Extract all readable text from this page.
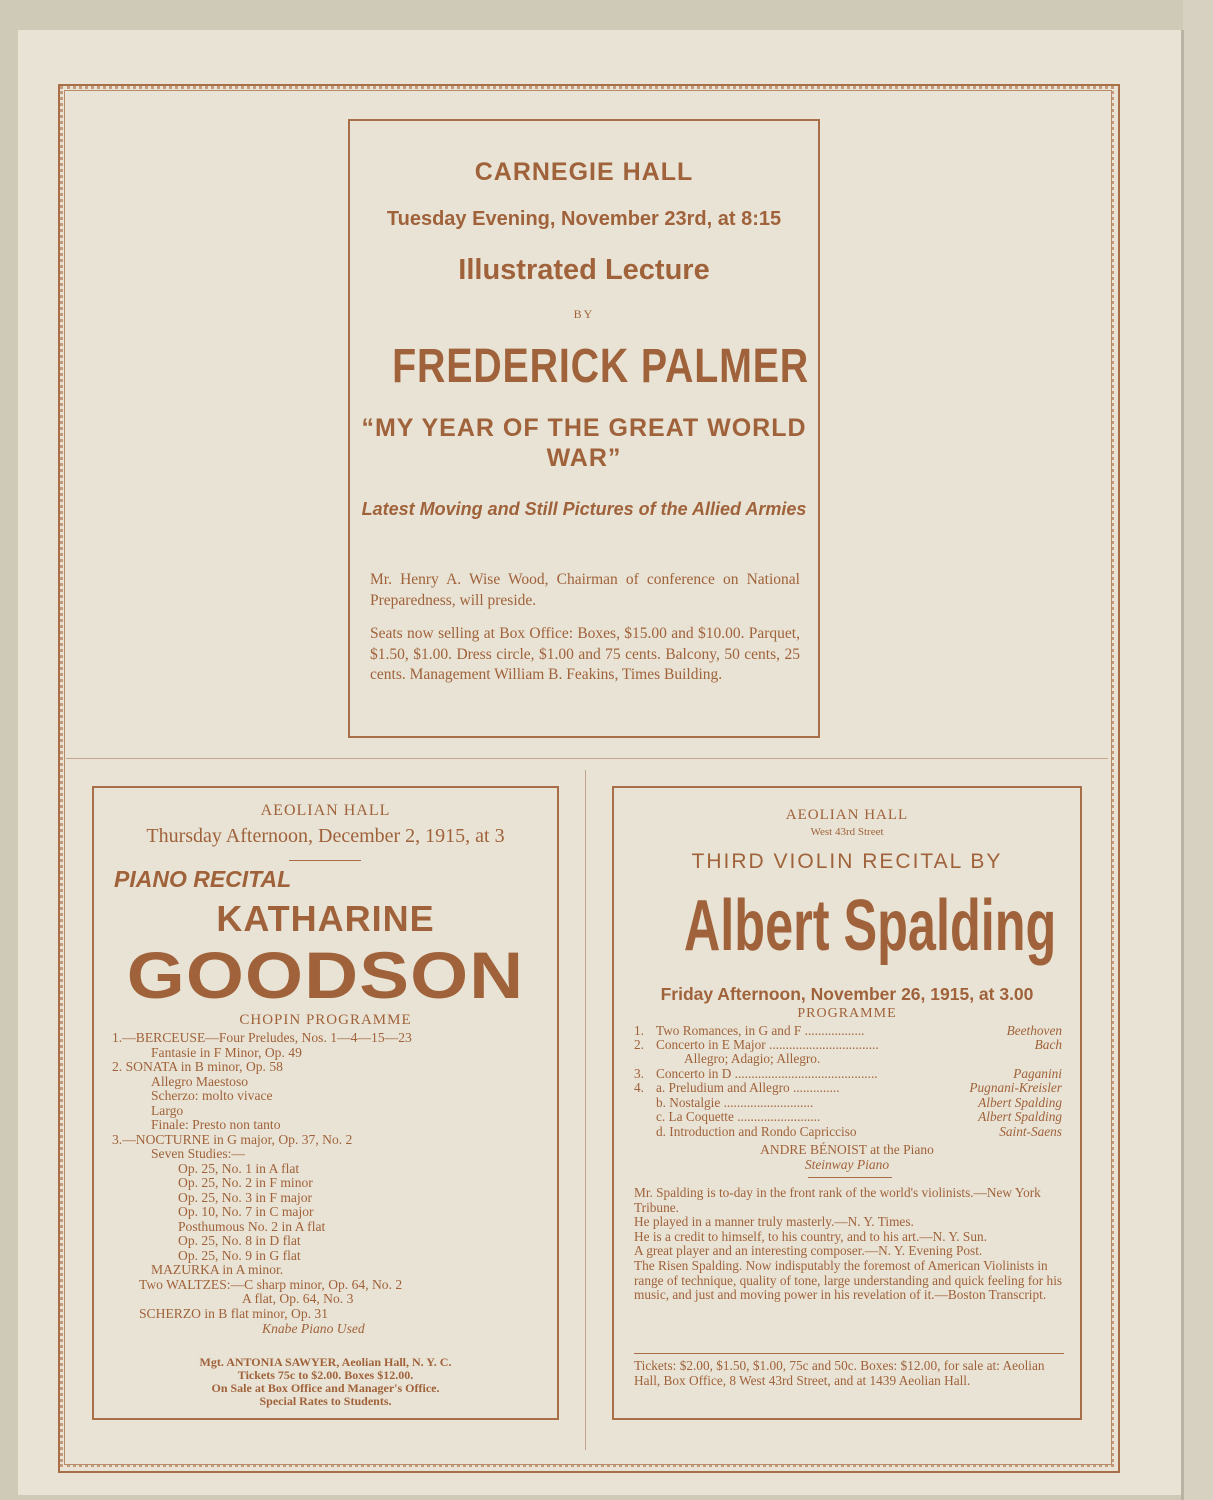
CARNEGIE HALL
Tuesday Evening, November 23rd, at 8:15
Illustrated Lecture
BY
FREDERICK PALMER
“MY YEAR OF THE GREAT WORLD WAR”
Latest Moving and Still Pictures of the Allied Armies
Mr. Henry A. Wise Wood, Chairman of conference on National Preparedness, will preside.
Seats now selling at Box Office: Boxes, $15.00 and $10.00. Parquet, $1.50, $1.00. Dress circle, $1.00 and 75 cents. Balcony, 50 cents, 25 cents. Management William B. Feakins, Times Building.
AEOLIAN HALL
Thursday Afternoon, December 2, 1915, at 3
PIANO RECITAL
KATHARINE
GOODSON
CHOPIN PROGRAMME
1.—BERCEUSE—Four Preludes, Nos. 1—4—15—23
Fantasie in F Minor, Op. 49
2. SONATA in B minor, Op. 58
Allegro Maestoso
Scherzo: molto vivace
Largo
Finale: Presto non tanto
3.—NOCTURNE in G major, Op. 37, No. 2
Seven Studies:—
Op. 25, No. 1 in A flat
Op. 25, No. 2 in F minor
Op. 25, No. 3 in F major
Op. 10, No. 7 in C major
Posthumous No. 2 in A flat
Op. 25, No. 8 in D flat
Op. 25, No. 9 in G flat
MAZURKA in A minor.
Two WALTZES:—C sharp minor, Op. 64, No. 2
A flat, Op. 64, No. 3
SCHERZO in B flat minor, Op. 31
Knabe Piano Used
Mgt. ANTONIA SAWYER, Aeolian Hall, N. Y. C.
Tickets 75c to $2.00. Boxes $12.00.
On Sale at Box Office and Manager's Office.
Special Rates to Students.
AEOLIAN HALL
West 43rd Street
THIRD VIOLIN RECITAL BY
Albert Spalding
Friday Afternoon, November 26, 1915, at 3.00
PROGRAMME
1. Two Romances, in G and F ..................	Beethoven
2. Concerto in E Major .................................	Bach
Allegro; Adagio; Allegro.
3. Concerto in D ...........................................	Paganini
4. a. Preludium and Allegro ..............	Pugnani-Kreisler
b. Nostalgie ...........................	Albert Spalding
c. La Coquette .........................	Albert Spalding
d. Introduction and Rondo Capricciso	Saint-Saens
ANDRE BÉNOIST at the Piano
Steinway Piano
Mr. Spalding is to-day in the front rank of the world's violinists.—New York Tribune.
He played in a manner truly masterly.—N. Y. Times.
He is a credit to himself, to his country, and to his art.—N. Y. Sun.
A great player and an interesting composer.—N. Y. Evening Post.
The Risen Spalding. Now indisputably the foremost of American Violinists in range of technique, quality of tone, large understanding and quick feeling for his music, and just and moving power in his revelation of it.—Boston Transcript.
Tickets: $2.00, $1.50, $1.00, 75c and 50c. Boxes: $12.00, for sale at: Aeolian Hall, Box Office, 8 West 43rd Street, and at 1439 Aeolian Hall.
